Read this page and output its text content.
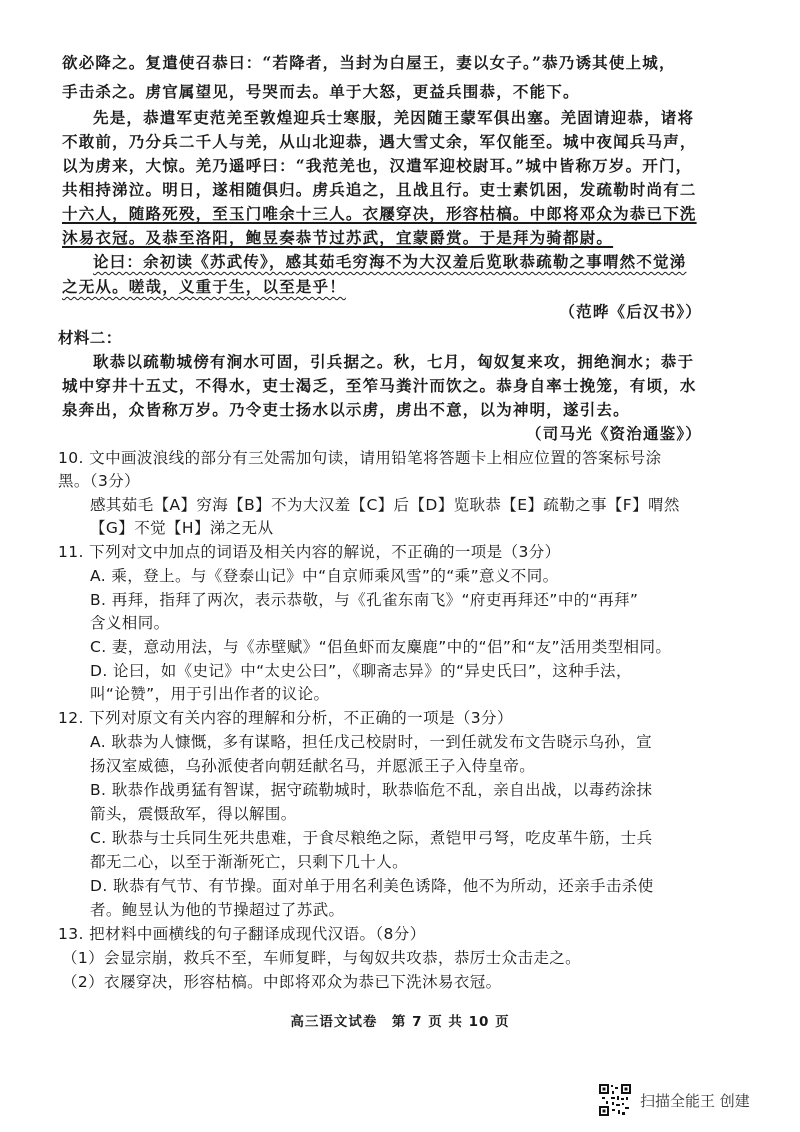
欲必降之。复遣使召恭曰：“若降者，当封为白屋王，妻以女子。”恭乃诱其使上城，
手击杀之。虏官属望见，号哭而去。单于大怒，更益兵围恭，不能下。
先是，恭遣军吏范羌至敦煌迎兵士寒服，羌因随王蒙军俱出塞。羌固请迎恭，诸将
不敢前，乃分兵二千人与羌，从山北迎恭，遇大雪丈余，军仅能至。城中夜闻兵马声，
以为虏来，大惊。羌乃遥呼曰：“我范羌也，汉遣军迎校尉耳。”城中皆称万岁。开门，
共相持涕泣。明日，遂相随俱归。虏兵追之，且战且行。吏士素饥困，发疏勒时尚有二
十六人，随路死殁，至玉门唯余十三人。衣屦穿决，形容枯槁。中郎将邓众为恭已下洗
沐易衣冠。及恭至洛阳，鲍昱奏恭节过苏武，宜蒙爵赏。于是拜为骑都尉。
论曰：余初读《苏武传》，感其茹毛穷海不为大汉羞后览耿恭疏勒之事喟然不觉涕
之无从。嗟哉，义重于生，以至是乎！
（范晔《后汉书》）
材料二：
耿恭以疏勒城傍有涧水可固，引兵据之。秋，七月，匈奴复来攻，拥绝涧水；恭于
城中穿井十五丈，不得水，吏士渴乏，至笮马粪汁而饮之。恭身自率士挽笼，有顷，水
泉奔出，众皆称万岁。乃令吏士扬水以示虏，虏出不意，以为神明，遂引去。
（司马光《资治通鉴》）
10. 文中画波浪线的部分有三处需加句读，请用铅笔将答题卡上相应位置的答案标号涂
黑。（3分）
感其茹毛【A】穷海【B】不为大汉羞【C】后【D】览耿恭【E】疏勒之事【F】喟然
【G】不觉【H】涕之无从
11. 下列对文中加点的词语及相关内容的解说，不正确的一项是（3分）
A. 乘，登上。与《登泰山记》中“自京师乘风雪”的“乘”意义不同。
B. 再拜，指拜了两次，表示恭敬，与《孔雀东南飞》“府吏再拜还”中的“再拜”
含义相同。
C. 妻，意动用法，与《赤壁赋》“侣鱼虾而友麋鹿”中的“侣”和“友”活用类型相同。
D. 论曰，如《史记》中“太史公曰”，《聊斋志异》的“异史氏曰”，这种手法，
叫“论赞”，用于引出作者的议论。
12. 下列对原文有关内容的理解和分析，不正确的一项是（3分）
A. 耿恭为人慷慨，多有谋略，担任戊己校尉时，一到任就发布文告晓示乌孙，宣
扬汉室威德，乌孙派使者向朝廷献名马，并愿派王子入侍皇帝。
B. 耿恭作战勇猛有智谋，据守疏勒城时，耿恭临危不乱，亲自出战，以毒药涂抹
箭头，震慑敌军，得以解围。
C. 耿恭与士兵同生死共患难，于食尽粮绝之际，煮铠甲弓弩，吃皮革牛筋，士兵
都无二心，以至于渐渐死亡，只剩下几十人。
D. 耿恭有气节、有节操。面对单于用名利美色诱降，他不为所动，还亲手击杀使
者。鲍昱认为他的节操超过了苏武。
13. 把材料中画横线的句子翻译成现代汉语。（8分）
（1）会显宗崩，救兵不至，车师复畔，与匈奴共攻恭，恭厉士众击走之。
（2）衣屦穿决，形容枯槁。中郎将邓众为恭已下洗沐易衣冠。
高三语文试卷　第 7 页 共 10 页
扫描全能王 创建
